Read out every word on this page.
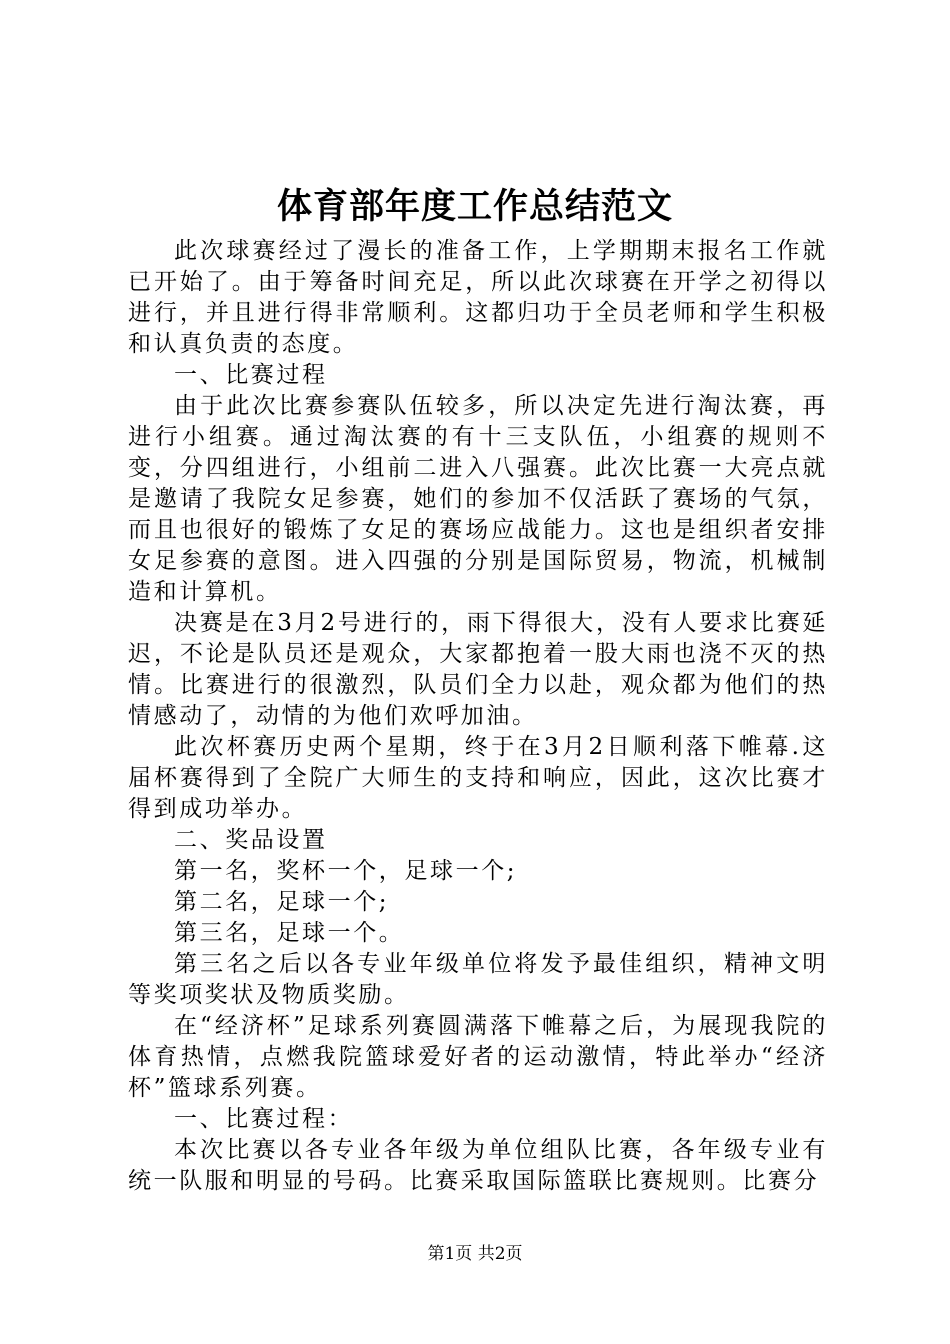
体育部年度工作总结范文

此次球赛经过了漫长的准备工作，上学期期末报名工作就已开始了。由于筹备时间充足，所以此次球赛在开学之初得以进行，并且进行得非常顺利。这都归功于全员老师和学生积极和认真负责的态度。

一、比赛过程

由于此次比赛参赛队伍较多，所以决定先进行淘汰赛，再进行小组赛。通过淘汰赛的有十三支队伍，小组赛的规则不变，分四组进行，小组前二进入八强赛。此次比赛一大亮点就是邀请了我院女足参赛，她们的参加不仅活跃了赛场的气氛，而且也很好的锻炼了女足的赛场应战能力。这也是组织者安排女足参赛的意图。进入四强的分别是国际贸易，物流，机械制造和计算机。

决赛是在3月2号进行的，雨下得很大，没有人要求比赛延迟，不论是队员还是观众，大家都抱着一股大雨也浇不灭的热情。比赛进行的很激烈，队员们全力以赴，观众都为他们的热情感动了，动情的为他们欢呼加油。

此次杯赛历史两个星期，终于在3月2日顺利落下帷幕.这届杯赛得到了全院广大师生的支持和响应，因此，这次比赛才得到成功举办。

二、奖品设置

第一名，奖杯一个，足球一个;

第二名，足球一个;

第三名，足球一个。

第三名之后以各专业年级单位将发予最佳组织，精神文明等奖项奖状及物质奖励。

在“经济杯”足球系列赛圆满落下帷幕之后，为展现我院的体育热情，点燃我院篮球爱好者的运动激情，特此举办“经济杯”篮球系列赛。

一、比赛过程：

本次比赛以各专业各年级为单位组队比赛，各年级专业有统一队服和明显的号码。比赛采取国际篮联比赛规则。比赛分

第1页 共2页
